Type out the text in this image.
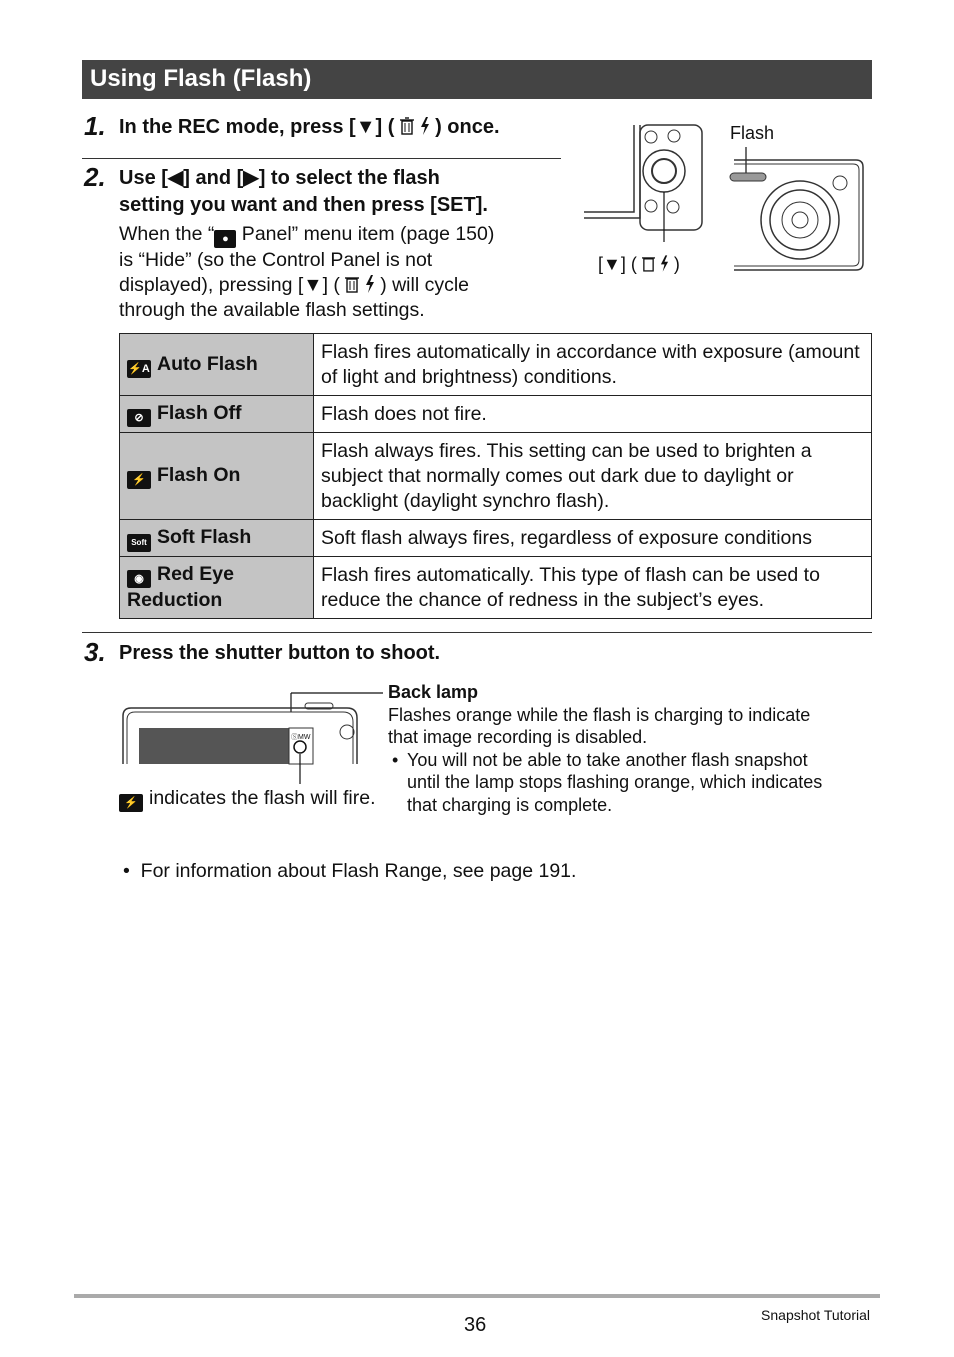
Using Flash (Flash)
1. In the REC mode, press [▼] ( ) once.
2. Use [◀] and [▶] to select the flash
setting you want and then press [SET].
When the “ ● Panel” menu item (page 150)
is “Hide” (so the Control Panel is not
displayed), pressing [▼] ( ) will cycle
through the available flash settings.
[▼] ( )
Flash
⚡A Auto Flash	Flash fires automatically in accordance with exposure (amount of light and brightness) conditions.
⊘ Flash Off	Flash does not fire.
⚡ Flash On	Flash always fires. This setting can be used to brighten a subject that normally comes out dark due to daylight or backlight (daylight synchro flash).
Soft Soft Flash	Soft flash always fires, regardless of exposure conditions
◉ Red Eye Reduction	Flash fires automatically. This type of flash can be used to reduce the chance of redness in the subject’s eyes.
3. Press the shutter button to shoot.
ⓈMW
⚡ indicates the flash will fire.
Back lamp
Flashes orange while the flash is charging to indicate
that image recording is disabled.
• You will not be able to take another flash snapshot
until the lamp stops flashing orange, which indicates
that charging is complete.
• For information about Flash Range, see page 191.
36	Snapshot Tutorial
